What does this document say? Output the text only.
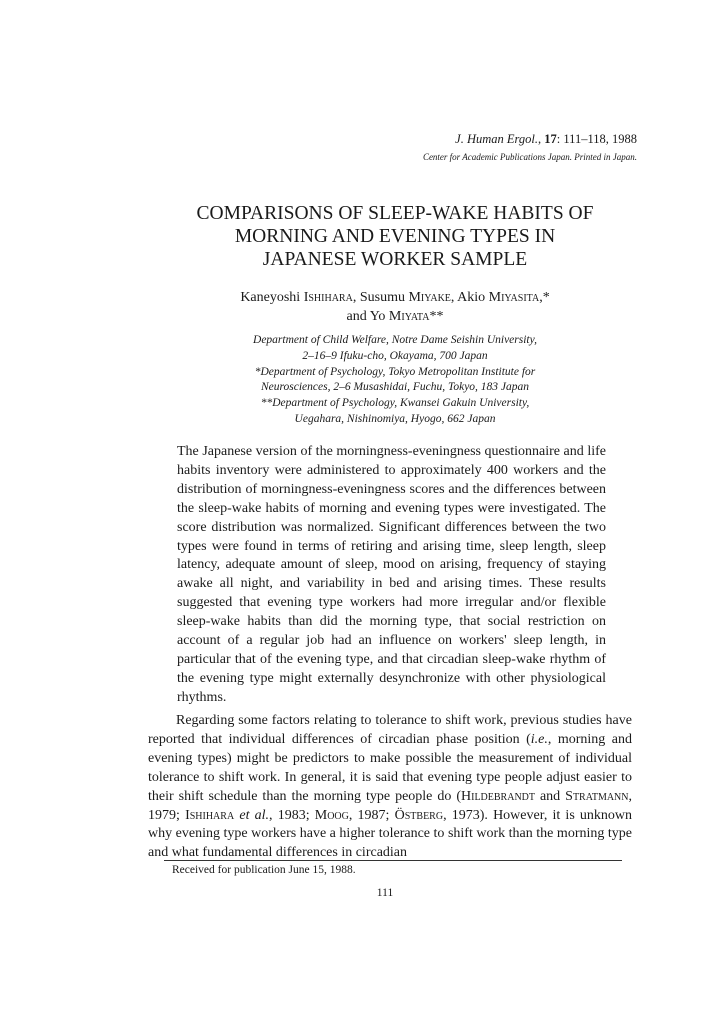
J. Human Ergol., 17: 111–118, 1988
Center for Academic Publications Japan. Printed in Japan.
COMPARISONS OF SLEEP-WAKE HABITS OF
MORNING AND EVENING TYPES IN
JAPANESE WORKER SAMPLE
Kaneyoshi Ishihara, Susumu Miyake, Akio Miyasita,*
and Yo Miyata**
Department of Child Welfare, Notre Dame Seishin University,
2–16–9 Ifuku-cho, Okayama, 700 Japan
*Department of Psychology, Tokyo Metropolitan Institute for
Neurosciences, 2–6 Musashidai, Fuchu, Tokyo, 183 Japan
**Department of Psychology, Kwansei Gakuin University,
Uegahara, Nishinomiya, Hyogo, 662 Japan

The Japanese version of the morningness-eveningness questionnaire and life habits inventory were administered to approximately 400 workers and the distribution of morningness-eveningness scores and the differences between the sleep-wake habits of morning and evening types were investigated. The score distribution was normalized. Significant differences between the two types were found in terms of retiring and arising time, sleep length, sleep latency, adequate amount of sleep, mood on arising, frequency of staying awake all night, and variability in bed and arising times. These results suggested that evening type workers had more irregular and/or flexible sleep-wake habits than did the morning type, that social restriction on account of a regular job had an influence on workers' sleep length, in particular that of the evening type, and that circadian sleep-wake rhythm of the evening type might externally desynchronize with other physiological rhythms.

Regarding some factors relating to tolerance to shift work, previous studies have reported that individual differences of circadian phase position (i.e., morning and evening types) might be predictors to make possible the measurement of individual tolerance to shift work. In general, it is said that evening type people adjust easier to their shift schedule than the morning type people do (Hildebrandt and Stratmann, 1979; Ishihara et al., 1983; Moog, 1987; Östberg, 1973). However, it is unknown why evening type workers have a higher tolerance to shift work than the morning type and what fundamental differences in circadian

Received for publication June 15, 1988.
111
